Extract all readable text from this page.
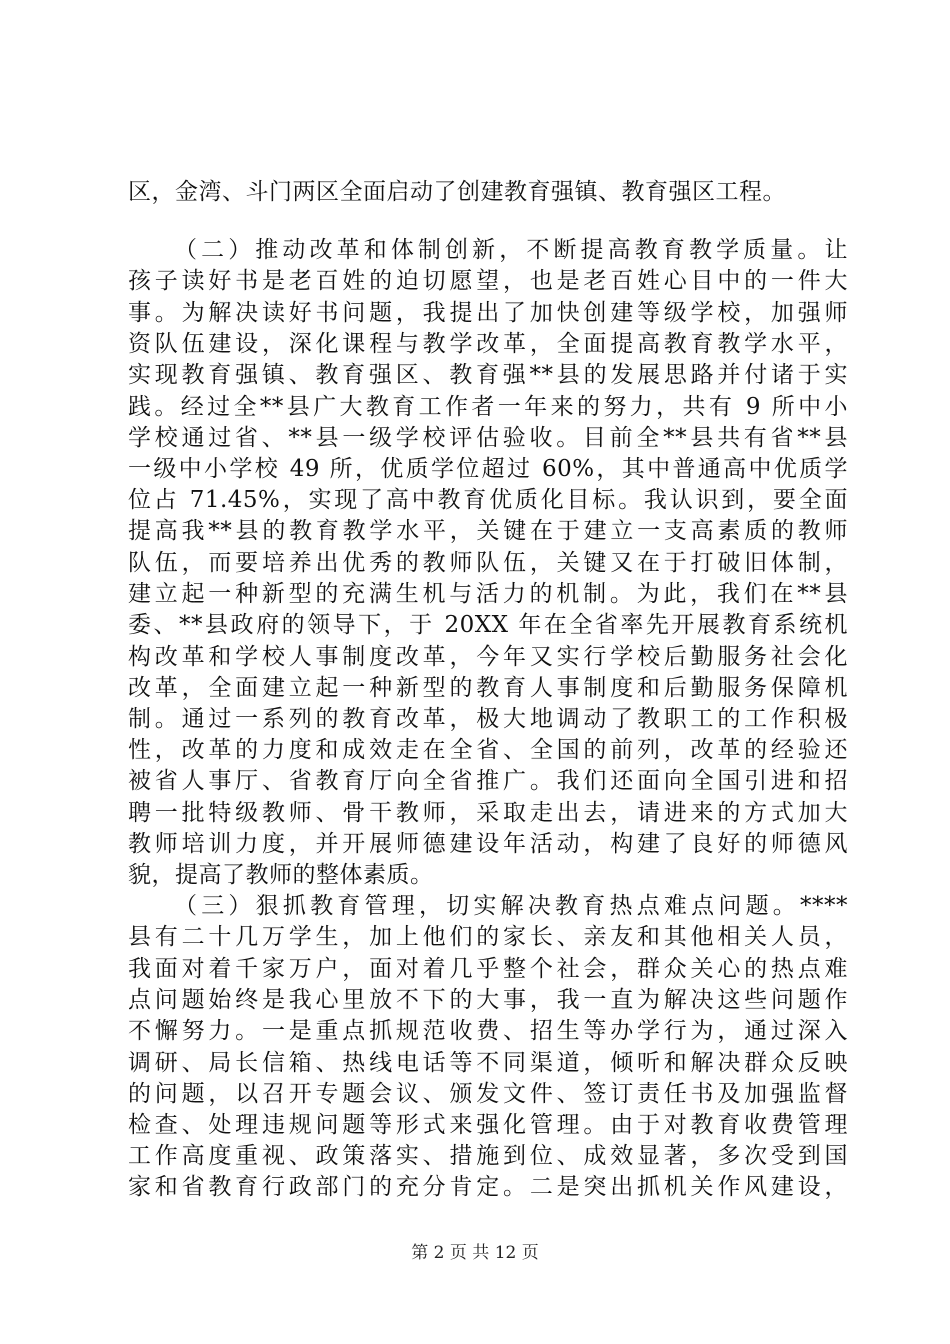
区，金湾、斗门两区全面启动了创建教育强镇、教育强区工程。
（二）推动改革和体制创新，不断提高教育教学质量。让
孩子读好书是老百姓的迫切愿望，也是老百姓心目中的一件大
事。为解决读好书问题，我提出了加快创建等级学校，加强师
资队伍建设，深化课程与教学改革，全面提高教育教学水平，
实现教育强镇、教育强区、教育强**县的发展思路并付诸于实
践。经过全**县广大教育工作者一年来的努力，共有 9 所中小
学校通过省、**县一级学校评估验收。目前全**县共有省**县
一级中小学校 49 所，优质学位超过 60%，其中普通高中优质学
位占 71.45%，实现了高中教育优质化目标。我认识到，要全面
提高我**县的教育教学水平，关键在于建立一支高素质的教师
队伍，而要培养出优秀的教师队伍，关键又在于打破旧体制，
建立起一种新型的充满生机与活力的机制。为此，我们在**县
委、**县政府的领导下，于 20XX 年在全省率先开展教育系统机
构改革和学校人事制度改革，今年又实行学校后勤服务社会化
改革，全面建立起一种新型的教育人事制度和后勤服务保障机
制。通过一系列的教育改革，极大地调动了教职工的工作积极
性，改革的力度和成效走在全省、全国的前列，改革的经验还
被省人事厅、省教育厅向全省推广。我们还面向全国引进和招
聘一批特级教师、骨干教师，采取走出去，请进来的方式加大
教师培训力度，并开展师德建设年活动，构建了良好的师德风
貌，提高了教师的整体素质。
（三）狠抓教育管理，切实解决教育热点难点问题。****
县有二十几万学生，加上他们的家长、亲友和其他相关人员，
我面对着千家万户，面对着几乎整个社会，群众关心的热点难
点问题始终是我心里放不下的大事，我一直为解决这些问题作
不懈努力。一是重点抓规范收费、招生等办学行为，通过深入
调研、局长信箱、热线电话等不同渠道，倾听和解决群众反映
的问题，以召开专题会议、颁发文件、签订责任书及加强监督
检查、处理违规问题等形式来强化管理。由于对教育收费管理
工作高度重视、政策落实、措施到位、成效显著，多次受到国
家和省教育行政部门的充分肯定。二是突出抓机关作风建设，
第 2 页 共 12 页
